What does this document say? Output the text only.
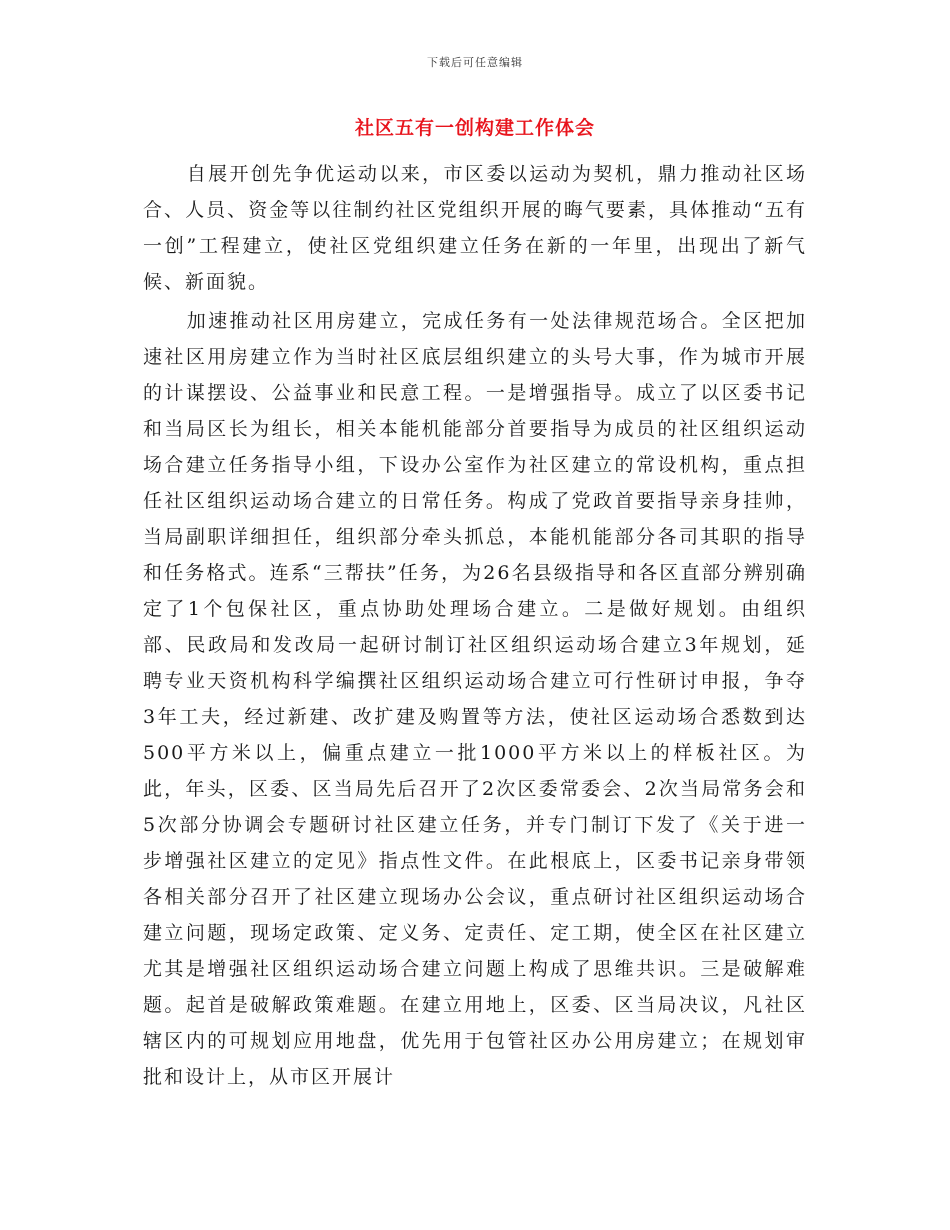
下载后可任意编辑
社区五有一创构建工作体会

自展开创先争优运动以来，市区委以运动为契机，鼎力推动社区场合、人员、资金等以往制约社区党组织开展的晦气要素，具体推动“五有一创”工程建立，使社区党组织建立任务在新的一年里，出现出了新气候、新面貌。

加速推动社区用房建立，完成任务有一处法律规范场合。全区把加速社区用房建立作为当时社区底层组织建立的头号大事，作为城市开展的计谋摆设、公益事业和民意工程。一是增强指导。成立了以区委书记和当局区长为组长，相关本能机能部分首要指导为成员的社区组织运动场合建立任务指导小组，下设办公室作为社区建立的常设机构，重点担任社区组织运动场合建立的日常任务。构成了党政首要指导亲身挂帅，当局副职详细担任，组织部分牵头抓总，本能机能部分各司其职的指导和任务格式。连系“三帮扶”任务，为26名县级指导和各区直部分辨别确定了1个包保社区，重点协助处理场合建立。二是做好规划。由组织部、民政局和发改局一起研讨制订社区组织运动场合建立3年规划，延聘专业天资机构科学编撰社区组织运动场合建立可行性研讨申报，争夺3年工夫，经过新建、改扩建及购置等方法，使社区运动场合悉数到达500平方米以上，偏重点建立一批1000平方米以上的样板社区。为此，年头，区委、区当局先后召开了2次区委常委会、2次当局常务会和5次部分协调会专题研讨社区建立任务，并专门制订下发了《关于进一步增强社区建立的定见》指点性文件。在此根底上，区委书记亲身带领各相关部分召开了社区建立现场办公会议，重点研讨社区组织运动场合建立问题，现场定政策、定义务、定责任、定工期，使全区在社区建立尤其是增强社区组织运动场合建立问题上构成了思维共识。三是破解难题。起首是破解政策难题。在建立用地上，区委、区当局决议，凡社区辖区内的可规划应用地盘，优先用于包管社区办公用房建立；在规划审批和设计上，从市区开展计
